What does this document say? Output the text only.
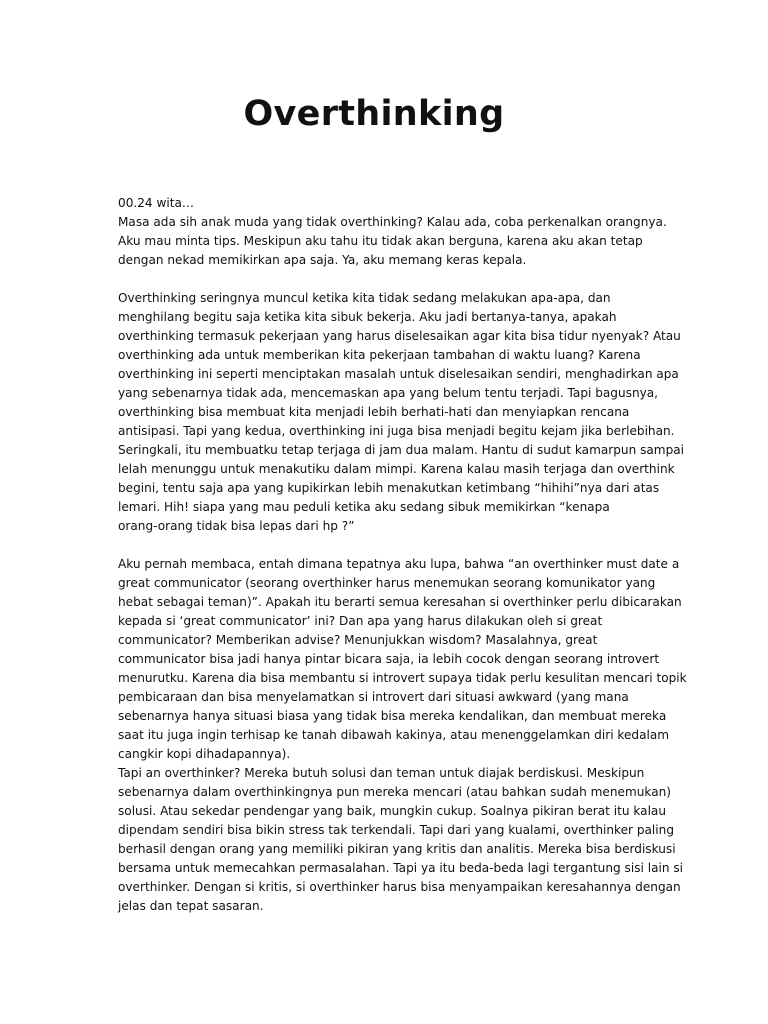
Overthinking
00.24 wita…
Masa ada sih anak muda yang tidak overthinking? Kalau ada, coba perkenalkan orangnya.
Aku mau minta tips. Meskipun aku tahu itu tidak akan berguna, karena aku akan tetap
dengan nekad memikirkan apa saja. Ya, aku memang keras kepala.
Overthinking seringnya muncul ketika kita tidak sedang melakukan apa-apa, dan
menghilang begitu saja ketika kita sibuk bekerja. Aku jadi bertanya-tanya, apakah
overthinking termasuk pekerjaan yang harus diselesaikan agar kita bisa tidur nyenyak? Atau
overthinking ada untuk memberikan kita pekerjaan tambahan di waktu luang? Karena
overthinking ini seperti menciptakan masalah untuk diselesaikan sendiri, menghadirkan apa
yang sebenarnya tidak ada, mencemaskan apa yang belum tentu terjadi. Tapi bagusnya,
overthinking bisa membuat kita menjadi lebih berhati-hati dan menyiapkan rencana
antisipasi. Tapi yang kedua, overthinking ini juga bisa menjadi begitu kejam jika berlebihan.
Seringkali, itu membuatku tetap terjaga di jam dua malam. Hantu di sudut kamarpun sampai
lelah menunggu untuk menakutiku dalam mimpi. Karena kalau masih terjaga dan overthink
begini, tentu saja apa yang kupikirkan lebih menakutkan ketimbang “hihihi”nya dari atas
lemari. Hih! siapa yang mau peduli ketika aku sedang sibuk memikirkan “kenapa
orang-orang tidak bisa lepas dari hp ?”
Aku pernah membaca, entah dimana tepatnya aku lupa, bahwa “an overthinker must date a
great communicator (seorang overthinker harus menemukan seorang komunikator yang
hebat sebagai teman)”. Apakah itu berarti semua keresahan si overthinker perlu dibicarakan
kepada si ‘great communicator’ ini? Dan apa yang harus dilakukan oleh si great
communicator? Memberikan advise? Menunjukkan wisdom? Masalahnya, great
communicator bisa jadi hanya pintar bicara saja, ia lebih cocok dengan seorang introvert
menurutku. Karena dia bisa membantu si introvert supaya tidak perlu kesulitan mencari topik
pembicaraan dan bisa menyelamatkan si introvert dari situasi awkward (yang mana
sebenarnya hanya situasi biasa yang tidak bisa mereka kendalikan, dan membuat mereka
saat itu juga ingin terhisap ke tanah dibawah kakinya, atau menenggelamkan diri kedalam
cangkir kopi dihadapannya).
Tapi an overthinker? Mereka butuh solusi dan teman untuk diajak berdiskusi. Meskipun
sebenarnya dalam overthinkingnya pun mereka mencari (atau bahkan sudah menemukan)
solusi. Atau sekedar pendengar yang baik, mungkin cukup. Soalnya pikiran berat itu kalau
dipendam sendiri bisa bikin stress tak terkendali. Tapi dari yang kualami, overthinker paling
berhasil dengan orang yang memiliki pikiran yang kritis dan analitis. Mereka bisa berdiskusi
bersama untuk memecahkan permasalahan. Tapi ya itu beda-beda lagi tergantung sisi lain si
overthinker. Dengan si kritis, si overthinker harus bisa menyampaikan keresahannya dengan
jelas dan tepat sasaran.
